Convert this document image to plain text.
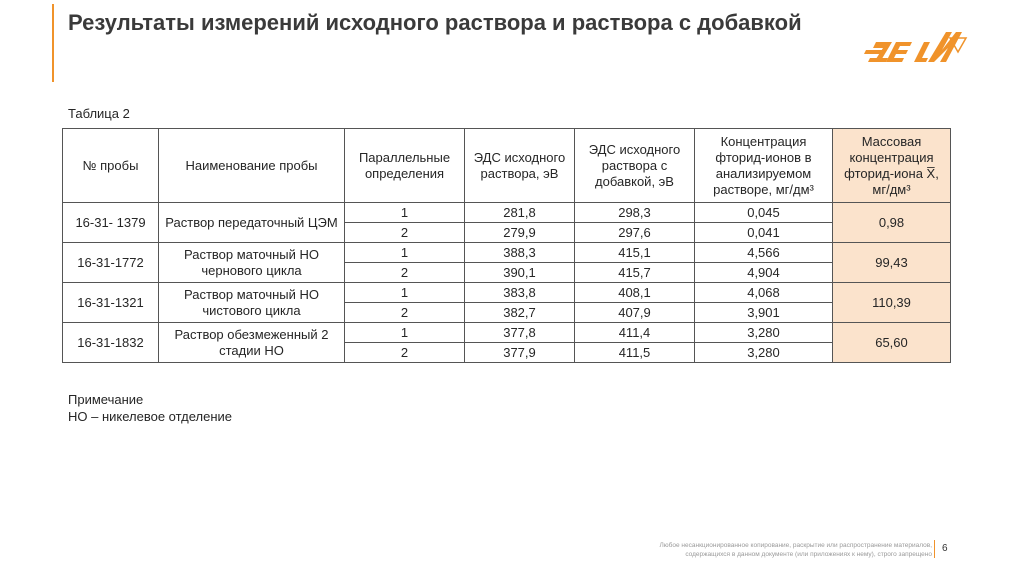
Результаты измерений исходного раствора и раствора с добавкой
Таблица 2
№ пробы	Наименование пробы	Параллельные определения	ЭДС исходного раствора, эВ	ЭДС исходного раствора с добавкой, эВ	Концентрация фторид-ионов в анализируемом растворе, мг/дм³	Массовая концентрация фторид-иона X̅, мг/дм³
16-31- 1379	Раствор передаточный ЦЭМ	1	281,8	298,3	0,045	0,98
		2	279,9	297,6	0,041	
16-31-1772	Раствор маточный НО чернового цикла	1	388,3	415,1	4,566	99,43
		2	390,1	415,7	4,904	
16-31-1321	Раствор маточный НО чистового цикла	1	383,8	408,1	4,068	110,39
		2	382,7	407,9	3,901	
16-31-1832	Раствор обезмеженный 2 стадии НО	1	377,8	411,4	3,280	65,60
		2	377,9	411,5	3,280	
Примечание
НО – никелевое отделение
Любое несанкционированное копирование, раскрытие или распространение материалов,
содержащихся в данном документе (или приложениях к нему), строго запрещено
6
